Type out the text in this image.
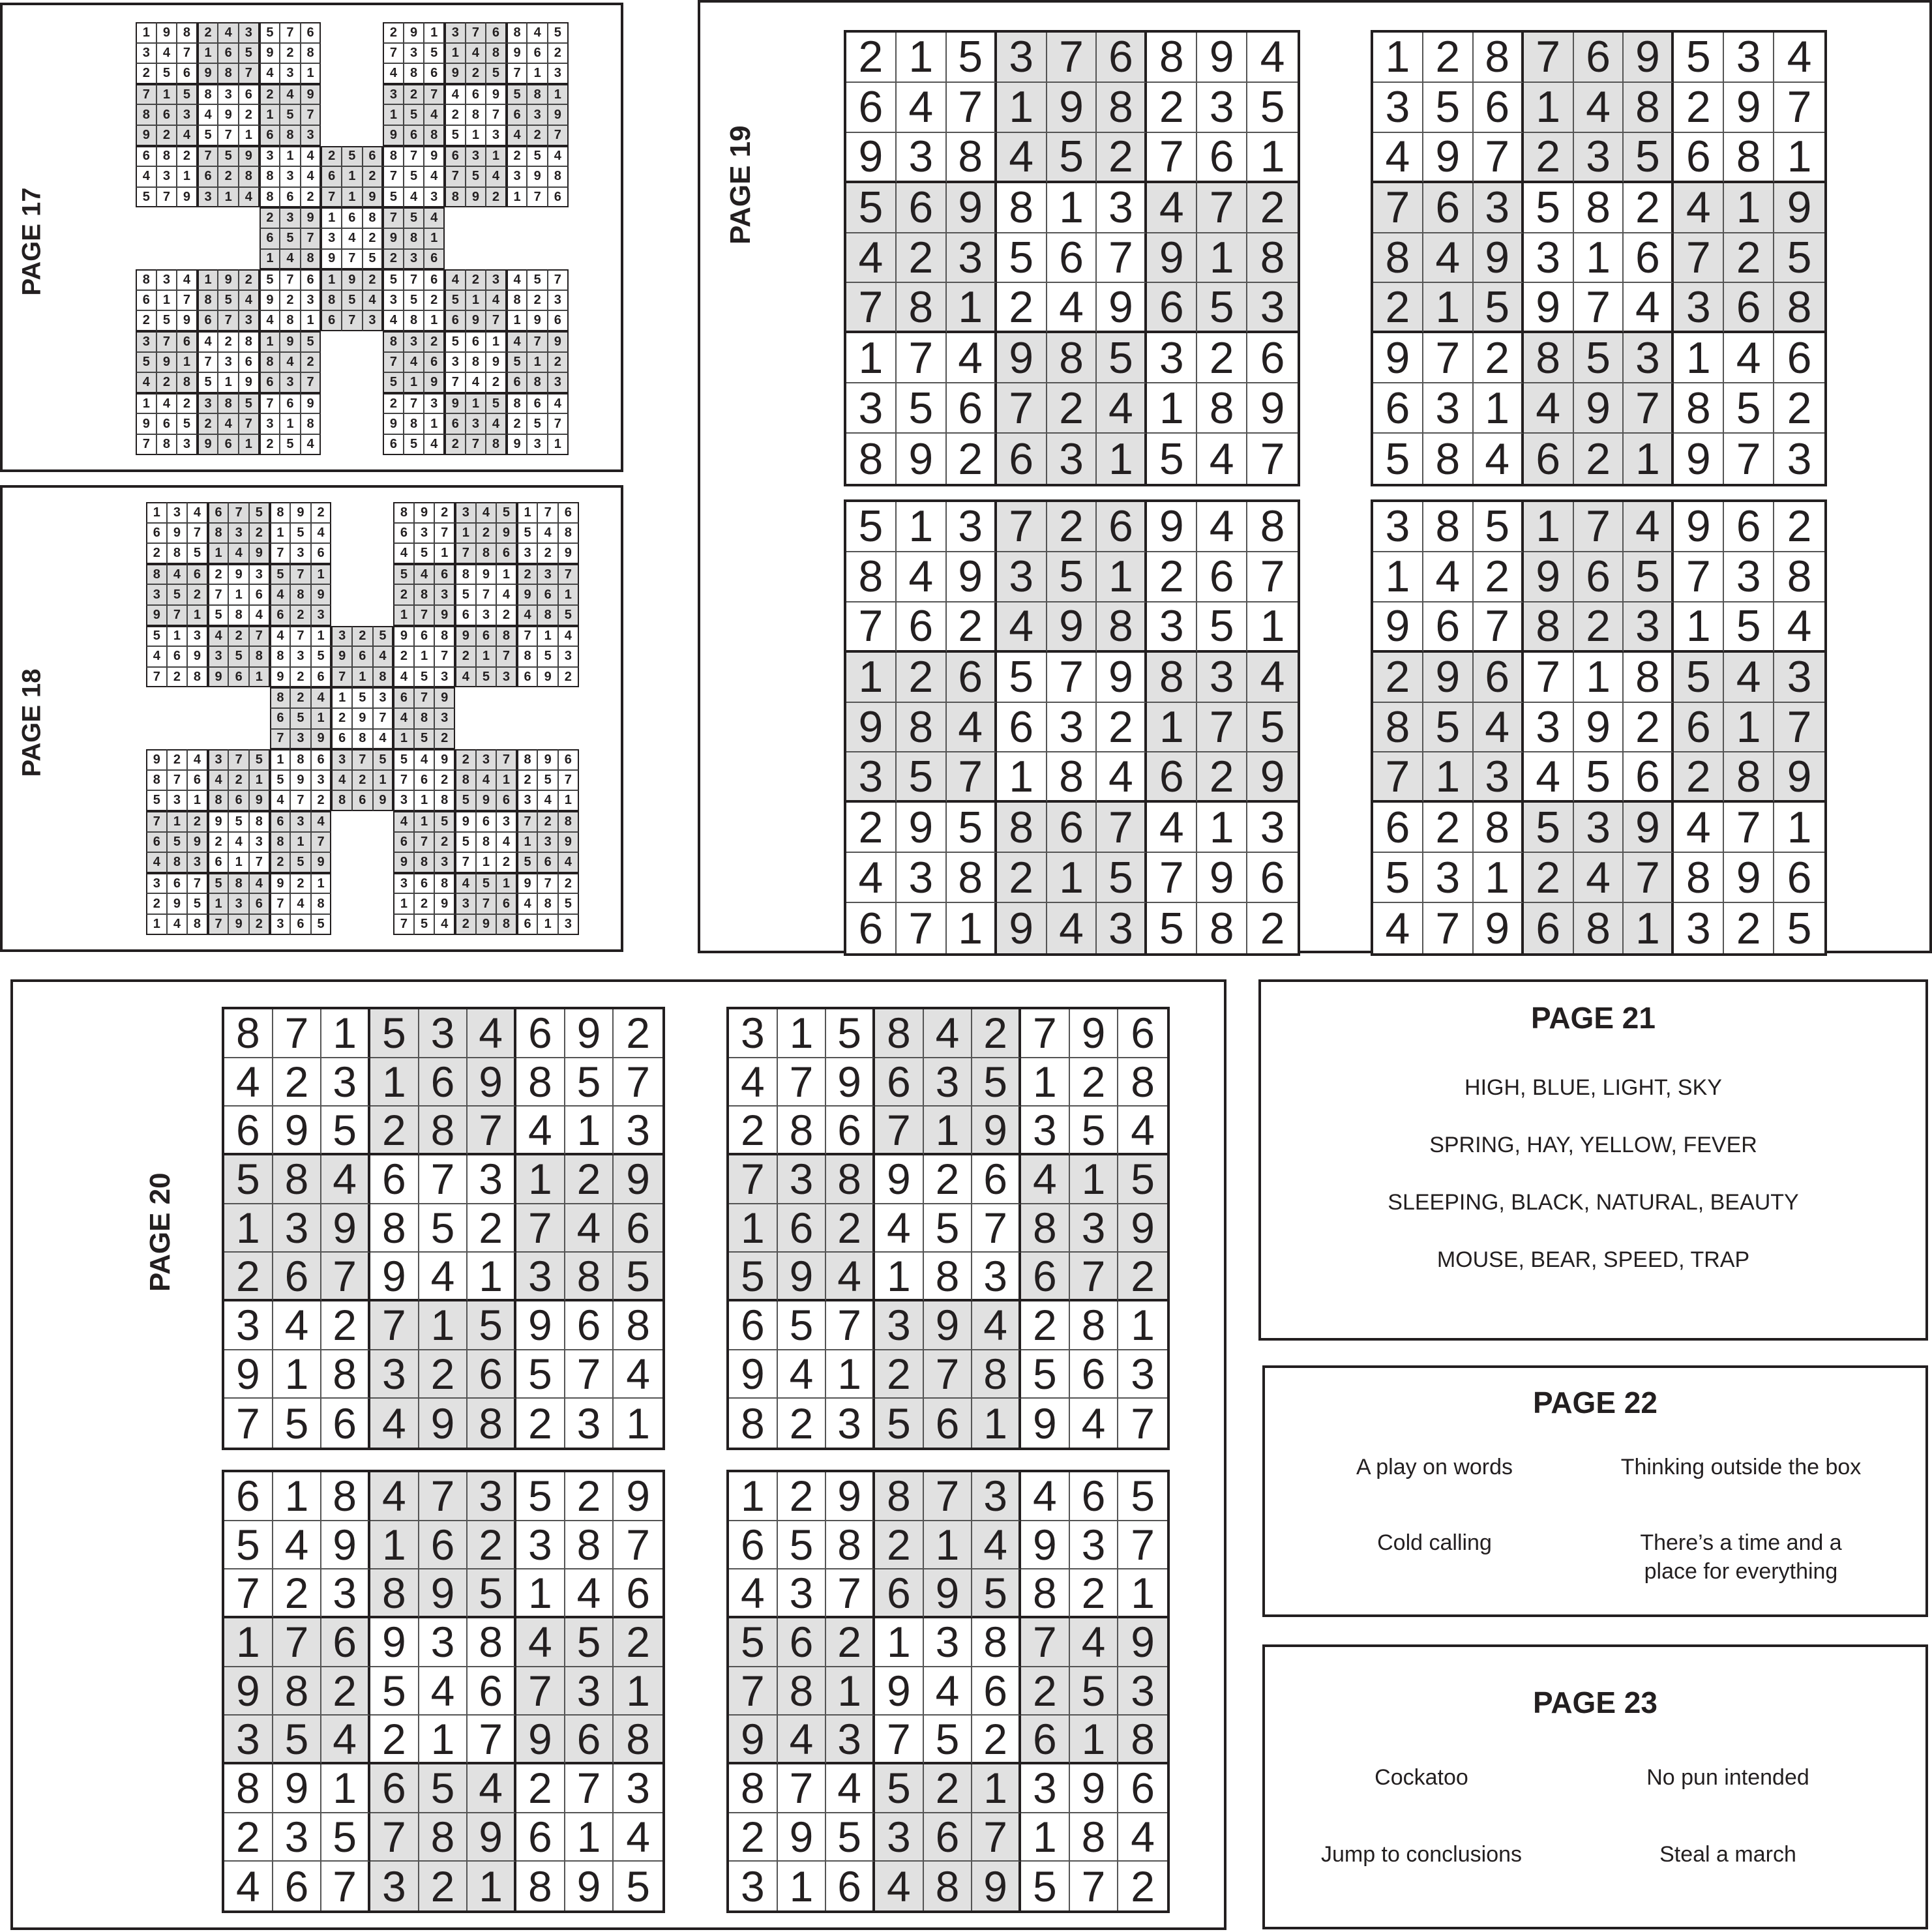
PAGE 17
1 9 8	2 4 3	5 7 6	2 9 1	3 7 6	8 4 5
3 4 7	1 6 5	9 2 8	7 3 5	1 4 8	9 6 2
2 5 6	9 8 7	4 3 1	4 8 6	9 2 5	7 1 3
7 1 5	8 3 6	2 4 9	3 2 7	4 6 9	5 8 1
8 6 3	4 9 2	1 5 7	1 5 4	2 8 7	6 3 9
9 2 4	5 7 1	6 8 3	9 6 8	5 1 3	4 2 7
6 8 2	7 5 9	3 1 4	2 5 6	8 7 9	6 3 1	2 5 4
4 3 1	6 2 8	8 3 4	6 1 2	7 5 4	7 5 4	3 9 8
5 7 9	3 1 4	8 6 2	7 1 9	5 4 3	8 9 2	1 7 6
2 3 9	1 6 8	7 5 4
6 5 7	3 4 2	9 8 1
1 4 8	9 7 5	2 3 6
8 3 4	1 9 2	5 7 6	1 9 2	5 7 6	4 2 3	4 5 7
6 1 7	8 5 4	9 2 3	8 5 4	3 5 2	5 1 4	8 2 3
2 5 9	6 7 3	4 8 1	6 7 3	4 8 1	6 9 7	1 9 6
3 7 6	4 2 8	1 9 5	8 3 2	5 6 1	4 7 9
5 9 1	7 3 6	8 4 2	7 4 6	3 8 9	5 1 2
4 2 8	5 1 9	6 3 7	5 1 9	7 4 2	6 8 3
1 4 2	3 8 5	7 6 9	2 7 3	9 1 5	8 6 4
9 6 5	2 4 7	3 1 8	9 8 1	6 3 4	2 5 7
7 8 3	9 6 1	2 5 4	6 5 4	2 7 8	9 3 1
PAGE 18
1 3 4	6 7 5	8 9 2	8 9 2	3 4 5	1 7 6
6 9 7	8 3 2	1 5 4	6 3 7	1 2 9	5 4 8
2 8 5	1 4 9	7 3 6	4 5 1	7 8 6	3 2 9
8 4 6	2 9 3	5 7 1	5 4 6	8 9 1	2 3 7
3 5 2	7 1 6	4 8 9	2 8 3	5 7 4	9 6 1
9 7 1	5 8 4	6 2 3	1 7 9	6 3 2	4 8 5
5 1 3	4 2 7	4 7 1	3 2 5	9 6 8	9 6 8	7 1 4
4 6 9	3 5 8	8 3 5	9 6 4	2 1 7	2 1 7	8 5 3
7 2 8	9 6 1	9 2 6	7 1 8	4 5 3	4 5 3	6 9 2
8 2 4	1 5 3	6 7 9
6 5 1	2 9 7	4 8 3
7 3 9	6 8 4	1 5 2
9 2 4	3 7 5	1 8 6	3 7 5	5 4 9	2 3 7	8 9 6
8 7 6	4 2 1	5 9 3	4 2 1	7 6 2	8 4 1	2 5 7
5 3 1	8 6 9	4 7 2	8 6 9	3 1 8	5 9 6	3 4 1
7 1 2	9 5 8	6 3 4	4 1 5	9 6 3	7 2 8
6 5 9	2 4 3	8 1 7	6 7 2	5 8 4	1 3 9
4 8 3	6 1 7	2 5 9	9 8 3	7 1 2	5 6 4
3 6 7	5 8 4	9 2 1	3 6 8	4 5 1	9 7 2
2 9 5	1 3 6	7 4 8	1 2 9	3 7 6	4 8 5
1 4 8	7 9 2	3 6 5	7 5 4	2 9 8	6 1 3
PAGE 19
2 1 5 3 7 6 8 9 4
6 4 7 1 9 8 2 3 5
9 3 8 4 5 2 7 6 1
5 6 9 8 1 3 4 7 2
4 2 3 5 6 7 9 1 8
7 8 1 2 4 9 6 5 3
1 7 4 9 8 5 3 2 6
3 5 6 7 2 4 1 8 9
8 9 2 6 3 1 5 4 7
1 2 8 7 6 9 5 3 4
3 5 6 1 4 8 2 9 7
4 9 7 2 3 5 6 8 1
7 6 3 5 8 2 4 1 9
8 4 9 3 1 6 7 2 5
2 1 5 9 7 4 3 6 8
9 7 2 8 5 3 1 4 6
6 3 1 4 9 7 8 5 2
5 8 4 6 2 1 9 7 3
5 1 3 7 2 6 9 4 8
8 4 9 3 5 1 2 6 7
7 6 2 4 9 8 3 5 1
1 2 6 5 7 9 8 3 4
9 8 4 6 3 2 1 7 5
3 5 7 1 8 4 6 2 9
2 9 5 8 6 7 4 1 3
4 3 8 2 1 5 7 9 6
6 7 1 9 4 3 5 8 2
3 8 5 1 7 4 9 6 2
1 4 2 9 6 5 7 3 8
9 6 7 8 2 3 1 5 4
2 9 6 7 1 8 5 4 3
8 5 4 3 9 2 6 1 7
7 1 3 4 5 6 2 8 9
6 2 8 5 3 9 4 7 1
5 3 1 2 4 7 8 9 6
4 7 9 6 8 1 3 2 5
PAGE 20
8 7 1 5 3 4 6 9 2
4 2 3 1 6 9 8 5 7
6 9 5 2 8 7 4 1 3
5 8 4 6 7 3 1 2 9
1 3 9 8 5 2 7 4 6
2 6 7 9 4 1 3 8 5
3 4 2 7 1 5 9 6 8
9 1 8 3 2 6 5 7 4
7 5 6 4 9 8 2 3 1
3 1 5 8 4 2 7 9 6
4 7 9 6 3 5 1 2 8
2 8 6 7 1 9 3 5 4
7 3 8 9 2 6 4 1 5
1 6 2 4 5 7 8 3 9
5 9 4 1 8 3 6 7 2
6 5 7 3 9 4 2 8 1
9 4 1 2 7 8 5 6 3
8 2 3 5 6 1 9 4 7
6 1 8 4 7 3 5 2 9
5 4 9 1 6 2 3 8 7
7 2 3 8 9 5 1 4 6
1 7 6 9 3 8 4 5 2
9 8 2 5 4 6 7 3 1
3 5 4 2 1 7 9 6 8
8 9 1 6 5 4 2 7 3
2 3 5 7 8 9 6 1 4
4 6 7 3 2 1 8 9 5
1 2 9 8 7 3 4 6 5
6 5 8 2 1 4 9 3 7
4 3 7 6 9 5 8 2 1
5 6 2 1 3 8 7 4 9
7 8 1 9 4 6 2 5 3
9 4 3 7 5 2 6 1 8
8 7 4 5 2 1 3 9 6
2 9 5 3 6 7 1 8 4
3 1 6 4 8 9 5 7 2
PAGE 21
HIGH, BLUE, LIGHT, SKY
SPRING, HAY, YELLOW, FEVER
SLEEPING, BLACK, NATURAL, BEAUTY
MOUSE, BEAR, SPEED, TRAP
PAGE 22
A play on words	Thinking outside the box
Cold calling	There’s a time and a place for everything
PAGE 23
Cockatoo	No pun intended
Jump to conclusions	Steal a march
